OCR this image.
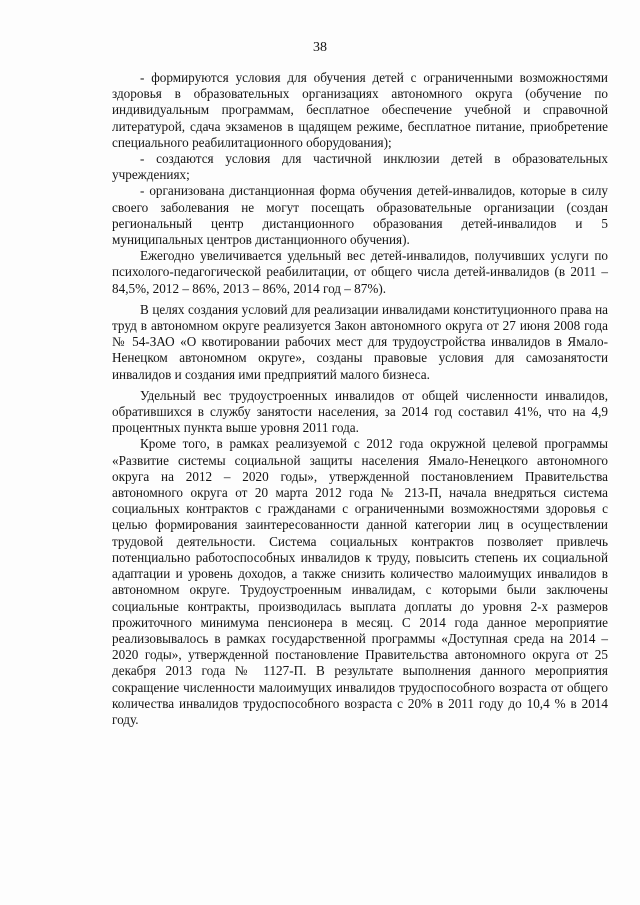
38

- формируются условия для обучения детей с ограниченными возможностями здоровья в образовательных организациях автономного округа (обучение по индивидуальным программам, бесплатное обеспечение учебной и справочной литературой, сдача экзаменов в щадящем режиме, бесплатное питание, приобретение специального реабилитационного оборудования);

- создаются условия для частичной инклюзии детей в образовательных учреждениях;

- организована дистанционная форма обучения детей-инвалидов, которые в силу своего заболевания не могут посещать образовательные организации (создан региональный центр дистанционного образования детей-инвалидов и 5 муниципальных центров дистанционного обучения).

Ежегодно увеличивается удельный вес детей-инвалидов, получивших услуги по психолого-педагогической реабилитации, от общего числа детей-инвалидов (в 2011 – 84,5%, 2012 – 86%, 2013 – 86%, 2014 год – 87%).

В целях создания условий для реализации инвалидами конституционного права на труд в автономном округе реализуется Закон автономного округа от 27 июня 2008 года № 54-ЗАО «О квотировании рабочих мест для трудоустройства инвалидов в Ямало-Ненецком автономном округе», созданы правовые условия для самозанятости инвалидов и создания ими предприятий малого бизнеса.

Удельный вес трудоустроенных инвалидов от общей численности инвалидов, обратившихся в службу занятости населения, за 2014 год составил 41%, что на 4,9 процентных пункта выше уровня 2011 года.

Кроме того, в рамках реализуемой с 2012 года окружной целевой программы «Развитие системы социальной защиты населения Ямало-Ненецкого автономного округа на 2012 – 2020 годы», утвержденной постановлением Правительства автономного округа от 20 марта 2012 года № 213-П, начала внедряться система социальных контрактов с гражданами с ограниченными возможностями здоровья с целью формирования заинтересованности данной категории лиц в осуществлении трудовой деятельности. Система социальных контрактов позволяет привлечь потенциально работоспособных инвалидов к труду, повысить степень их социальной адаптации и уровень доходов, а также снизить количество малоимущих инвалидов в автономном округе. Трудоустроенным инвалидам, с которыми были заключены социальные контракты, производилась выплата доплаты до уровня 2-х размеров прожиточного минимума пенсионера в месяц. С 2014 года данное мероприятие реализовывалось в рамках государственной программы «Доступная среда на 2014 – 2020 годы», утвержденной постановление Правительства автономного округа от 25 декабря 2013 года № 1127-П. В результате выполнения данного мероприятия сокращение численности малоимущих инвалидов трудоспособного возраста от общего количества инвалидов трудоспособного возраста с 20% в 2011 году до 10,4 % в 2014 году.
